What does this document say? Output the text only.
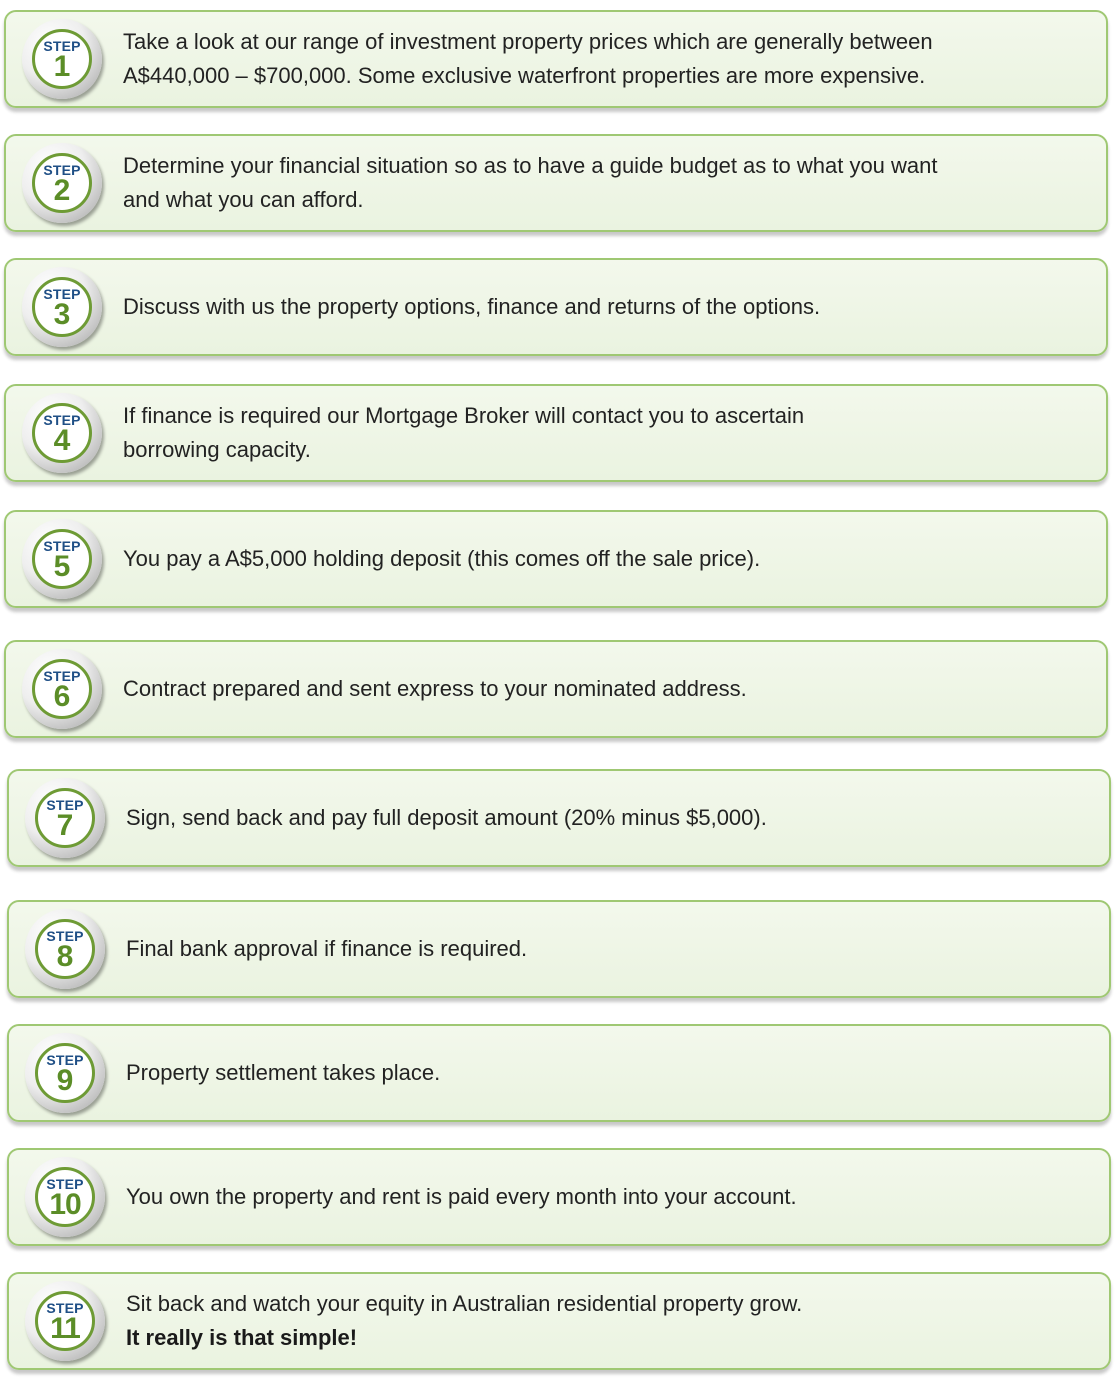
STEP
1
Take a look at our range of investment property prices which are generally between
A$440,000 – $700,000. Some exclusive waterfront properties are more expensive.
STEP
2
Determine your financial situation so as to have a guide budget as to what you want
and what you can afford.
STEP
3	Discuss with us the property options, finance and returns of the options.
STEP
4
If finance is required our Mortgage Broker will contact you to ascertain
borrowing capacity.
STEP
5	You pay a A$5,000 holding deposit (this comes off the sale price).
STEP
6	Contract prepared and sent express to your nominated address.
STEP
7	Sign, send back and pay full deposit amount (20% minus $5,000).
STEP
8	Final bank approval if finance is required.
STEP
9	Property settlement takes place.
STEP
10	You own the property and rent is paid every month into your account.
STEP
11
Sit back and watch your equity in Australian residential property grow.
It really is that simple!
